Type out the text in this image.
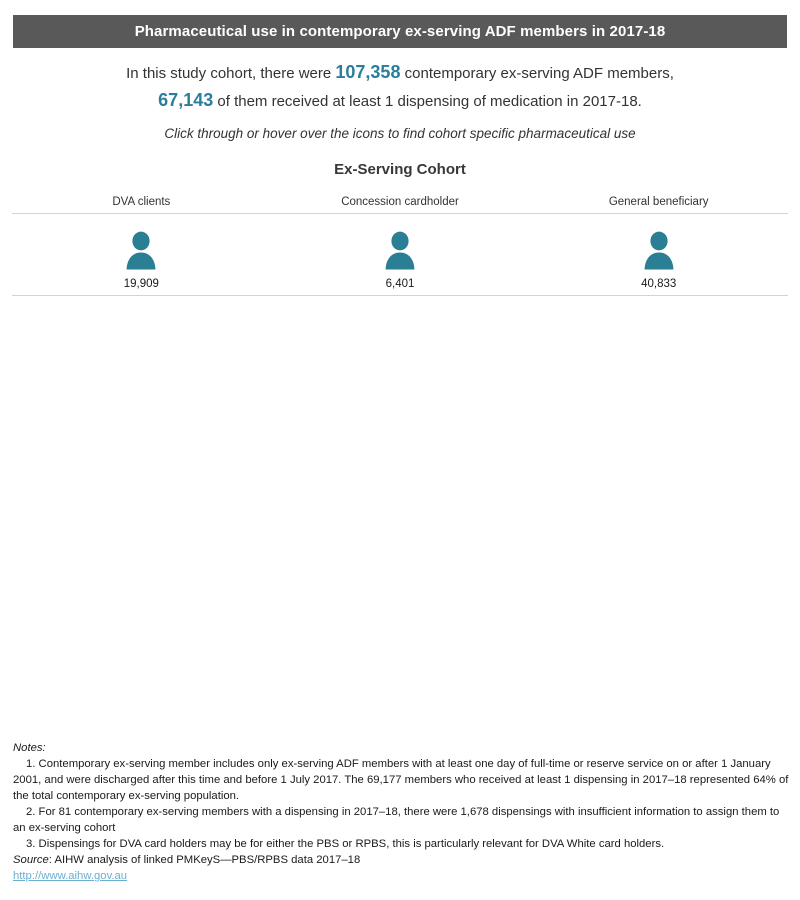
Pharmaceutical use in contemporary ex-serving ADF members in 2017-18
In this study cohort, there were 107,358 contemporary ex-serving ADF members,
67,143 of them received at least 1 dispensing of medication in 2017-18.
Click through or hover over the icons to find cohort specific pharmaceutical use
Ex-Serving Cohort
DVA clients	Concession cardholder	General beneficiary
19,909	6,401	40,833
Notes:
1. Contemporary ex-serving member includes only ex-serving ADF members with at least one day of full-time or reserve service on or after 1 January 2001, and were discharged after this time and before 1 July 2017. The 69,177 members who received at least 1 dispensing in 2017–18 represented 64% of the total contemporary ex-serving population.
2. For 81 contemporary ex-serving members with a dispensing in 2017–18, there were 1,678 dispensings with insufficient information to assign them to an ex-serving cohort
3. Dispensings for DVA card holders may be for either the PBS or RPBS, this is particularly relevant for DVA White card holders.
Source: AIHW analysis of linked PMKeyS—PBS/RPBS data 2017–18
http://www.aihw.gov.au
